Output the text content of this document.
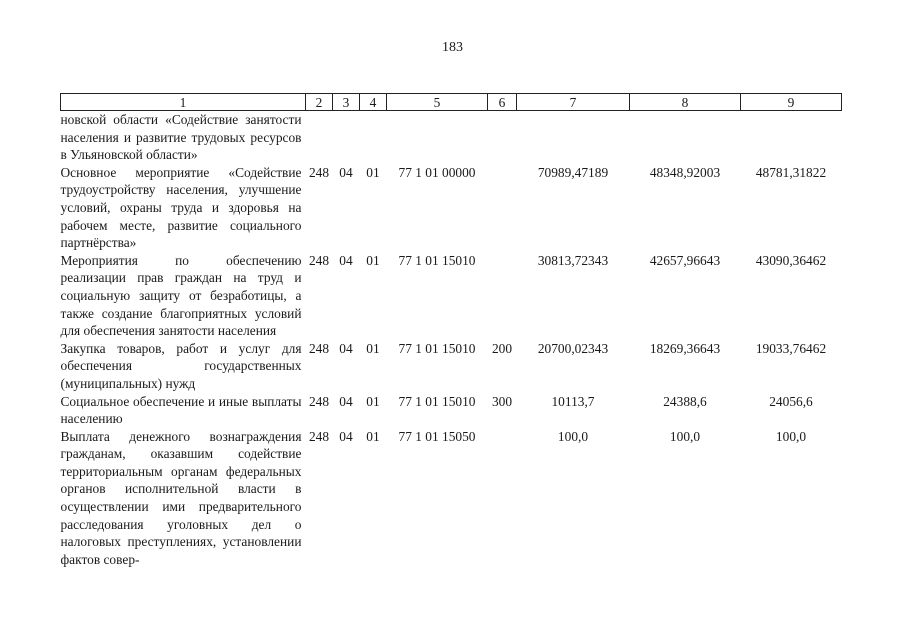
183
1	2	3	4	5	6	7	8	9
новской области «Содействие занятости населения и развитие трудовых ресурсов в Ульяновской области»								
Основное мероприятие «Содействие трудоустройству населения, улучшение условий, охраны труда и здоровья на рабочем месте, развитие социального партнёрства»	248	04	01	77 1 01 00000		70989,47189	48348,92003	48781,31822
Мероприятия по обеспечению реализации прав граждан на труд и социальную защиту от безработицы, а также создание благоприятных условий для обеспечения занятости населения	248	04	01	77 1 01 15010		30813,72343	42657,96643	43090,36462
Закупка товаров, работ и услуг для обеспечения государственных (муниципальных) нужд	248	04	01	77 1 01 15010	200	20700,02343	18269,36643	19033,76462
Социальное обеспечение и иные выплаты населению	248	04	01	77 1 01 15010	300	10113,7	24388,6	24056,6
Выплата денежного вознаграждения гражданам, оказавшим содействие территориальным органам федеральных органов исполнительной власти в осуществлении ими предварительного расследования уголовных дел о налоговых преступлениях, установлении фактов совер-	248	04	01	77 1 01 15050		100,0	100,0	100,0
